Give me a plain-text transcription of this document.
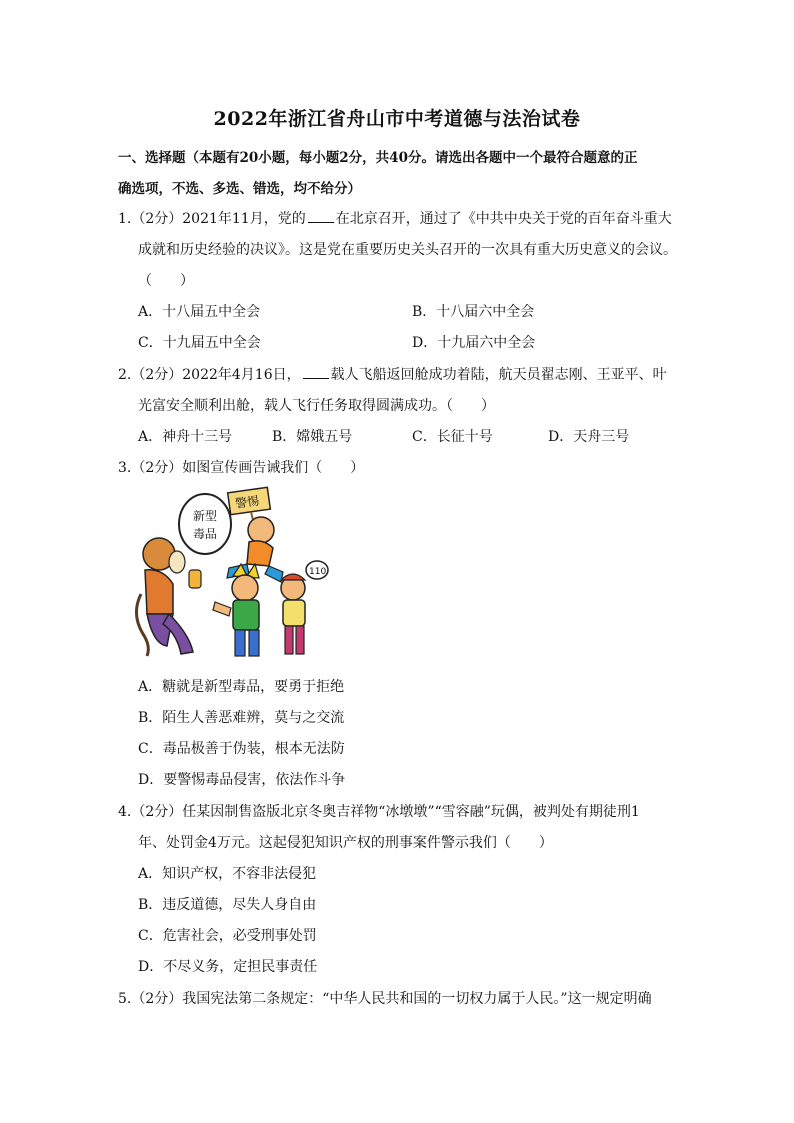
2022年浙江省舟山市中考道德与法治试卷
一、选择题（本题有20小题，每小题2分，共40分。请选出各题中一个最符合题意的正
确选项，不选、多选、错选，均不给分）
1.（2分）2021年11月，党的 在北京召开，通过了《中共中央关于党的百年奋斗重大
成就和历史经验的决议》。这是党在重要历史关头召开的一次具有重大历史意义的会议。
（　　）
A．十八届五中全会	B．十八届六中全会
C．十九届五中全会	D．十九届六中全会
2.（2分）2022年4月16日， 载人飞船返回舱成功着陆，航天员翟志刚、王亚平、叶
光富安全顺利出舱，载人飞行任务取得圆满成功。（　　）
A．神舟十三号	B．嫦娥五号	C．长征十号	D．天舟三号
3.（2分）如图宣传画告诫我们（　　）
新型
毒品
警惕
110
A．糖就是新型毒品，要勇于拒绝
B．陌生人善恶难辨，莫与之交流
C．毒品极善于伪装，根本无法防
D．要警惕毒品侵害，依法作斗争
4.（2分）任某因制售盗版北京冬奥吉祥物“冰墩墩”“雪容融”玩偶，被判处有期徒刑1
年、处罚金4万元。这起侵犯知识产权的刑事案件警示我们（　　）
A．知识产权，不容非法侵犯
B．违反道德，尽失人身自由
C．危害社会，必受刑事处罚
D．不尽义务，定担民事责任
5.（2分）我国宪法第二条规定：“中华人民共和国的一切权力属于人民。”这一规定明确
